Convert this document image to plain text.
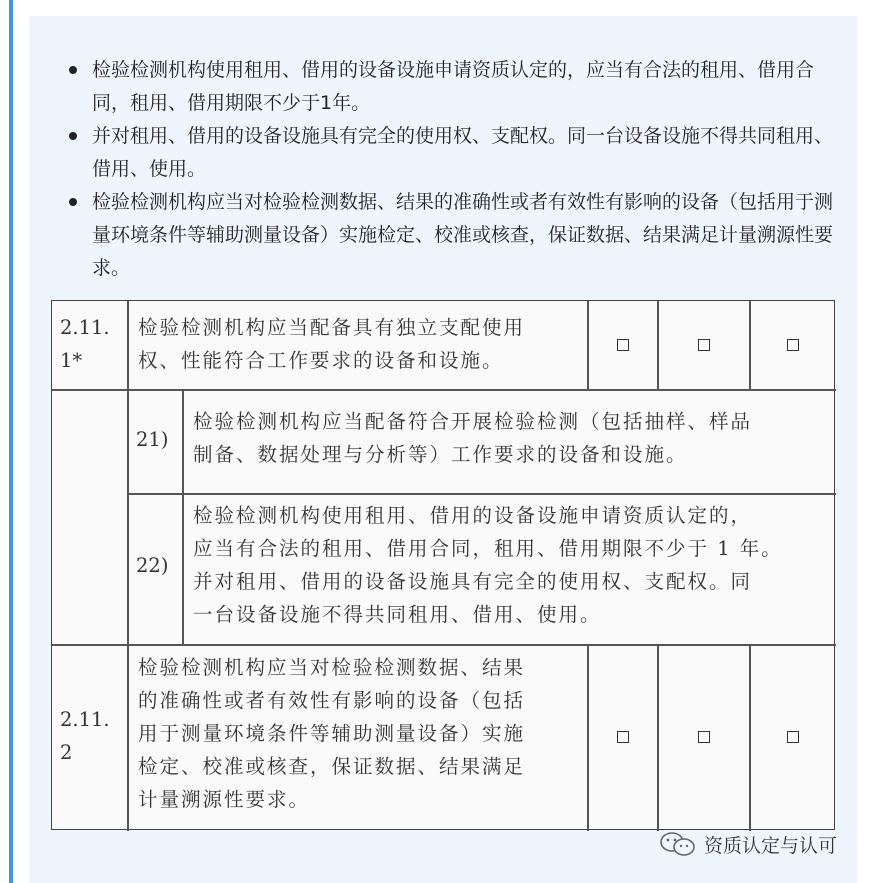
检验检测机构使用租用、借用的设备设施申请资质认定的，应当有合法的租用、借用合同，租用、借用期限不少于1年。
并对租用、借用的设备设施具有完全的使用权、支配权。同一台设备设施不得共同租用、借用、使用。
检验检测机构应当对检验检测数据、结果的准确性或者有效性有影响的设备（包括用于测量环境条件等辅助测量设备）实施检定、校准或核查，保证数据、结果满足计量溯源性要求。
2.11.
1*
检验检测机构应当配备具有独立支配使用
权、性能符合工作要求的设备和设施。
21)
检验检测机构应当配备符合开展检验检测（包括抽样、样品
制备、数据处理与分析等）工作要求的设备和设施。
22)
检验检测机构使用租用、借用的设备设施申请资质认定的，
应当有合法的租用、借用合同，租用、借用期限不少于 1 年。
并对租用、借用的设备设施具有完全的使用权、支配权。同
一台设备设施不得共同租用、借用、使用。
2.11.
2
检验检测机构应当对检验检测数据、结果
的准确性或者有效性有影响的设备（包括
用于测量环境条件等辅助测量设备）实施
检定、校准或核查，保证数据、结果满足
计量溯源性要求。
资质认定与认可
